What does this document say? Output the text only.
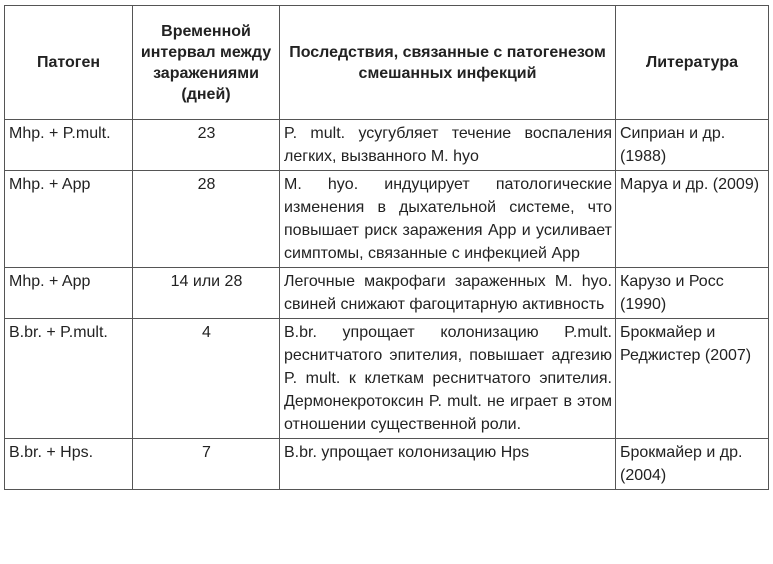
Патоген	Временной интервал между заражениями (дней)	Последствия, связанные с патогенезом смешанных инфекций	Литература
Mhp. + P.mult.	23	P. mult. усугубляет течение воспаления легких, вызванного M. hyo	Сиприан и др. (1988)
Mhp. + App	28	M. hyo. индуцирует патологические изменения в дыхательной системе, что повышает риск заражения App и усиливает симптомы, связанные с инфекцией App	Маруа и др. (2009)
Mhp. + App	14 или 28	Легочные макрофаги зараженных M. hyo. свиней снижают фагоцитарную активность	Карузо и Росс (1990)
B.br. + P.mult.	4	B.br. упрощает колонизацию P.mult. реснитчатого эпителия, повышает адгезию P. mult. к клеткам реснитчатого эпителия. Дермонекротоксин P. mult. не играет в этом отношении существенной роли.	Брокмайер и Реджистер (2007)
B.br. + Hps.	7	B.br. упрощает колонизацию Hps	Брокмайер и др. (2004)
